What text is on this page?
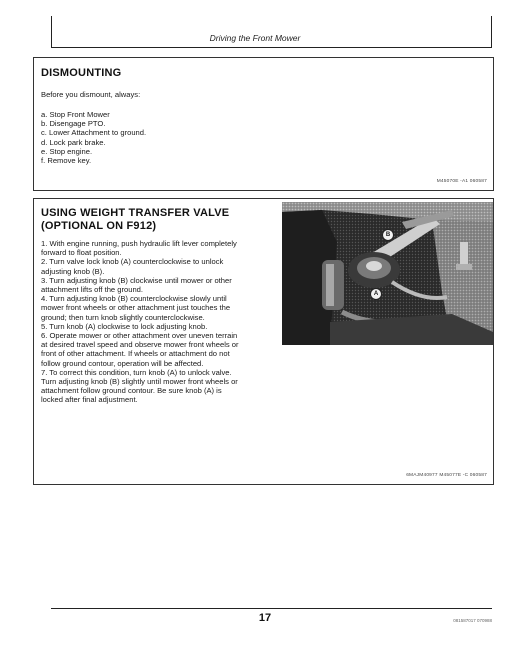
Driving the Front Mower
DISMOUNTING
Before you dismount, always:
a. Stop Front Mower
b. Disengage PTO.
c. Lower Attachment to ground.
d. Lock park brake.
e. Stop engine.
f. Remove key.
M45070E -A1 060587
USING WEIGHT TRANSFER VALVE
(OPTIONAL ON F912)
1. With engine running, push hydraulic lift lever completely
forward to float position.
2. Turn valve lock knob (A) counterclockwise to unlock
adjusting knob (B).
3. Turn adjusting knob (B) clockwise until mower or other
attachment lifts off the ground.
4. Turn adjusting knob (B) counterclockwise slowly until
mower front wheels or other attachment just touches the
ground; then turn knob slightly counterclockwise.
5. Turn knob (A) clockwise to lock adjusting knob.
6. Operate mower or other attachment over uneven terrain
at desired travel speed and observe mower front wheels or
front of other attachment. If wheels or attachment do not
follow ground contour, operation will be affected.
7. To correct this condition, turn knob (A) to unlock valve.
Turn adjusting knob (B) slightly until mower front wheels or
attachment follow ground contour. Be sure knob (A) is
locked after final adjustment.
B
A
6MAJM40977 M45077E -C 060587
17	081587017 070988
